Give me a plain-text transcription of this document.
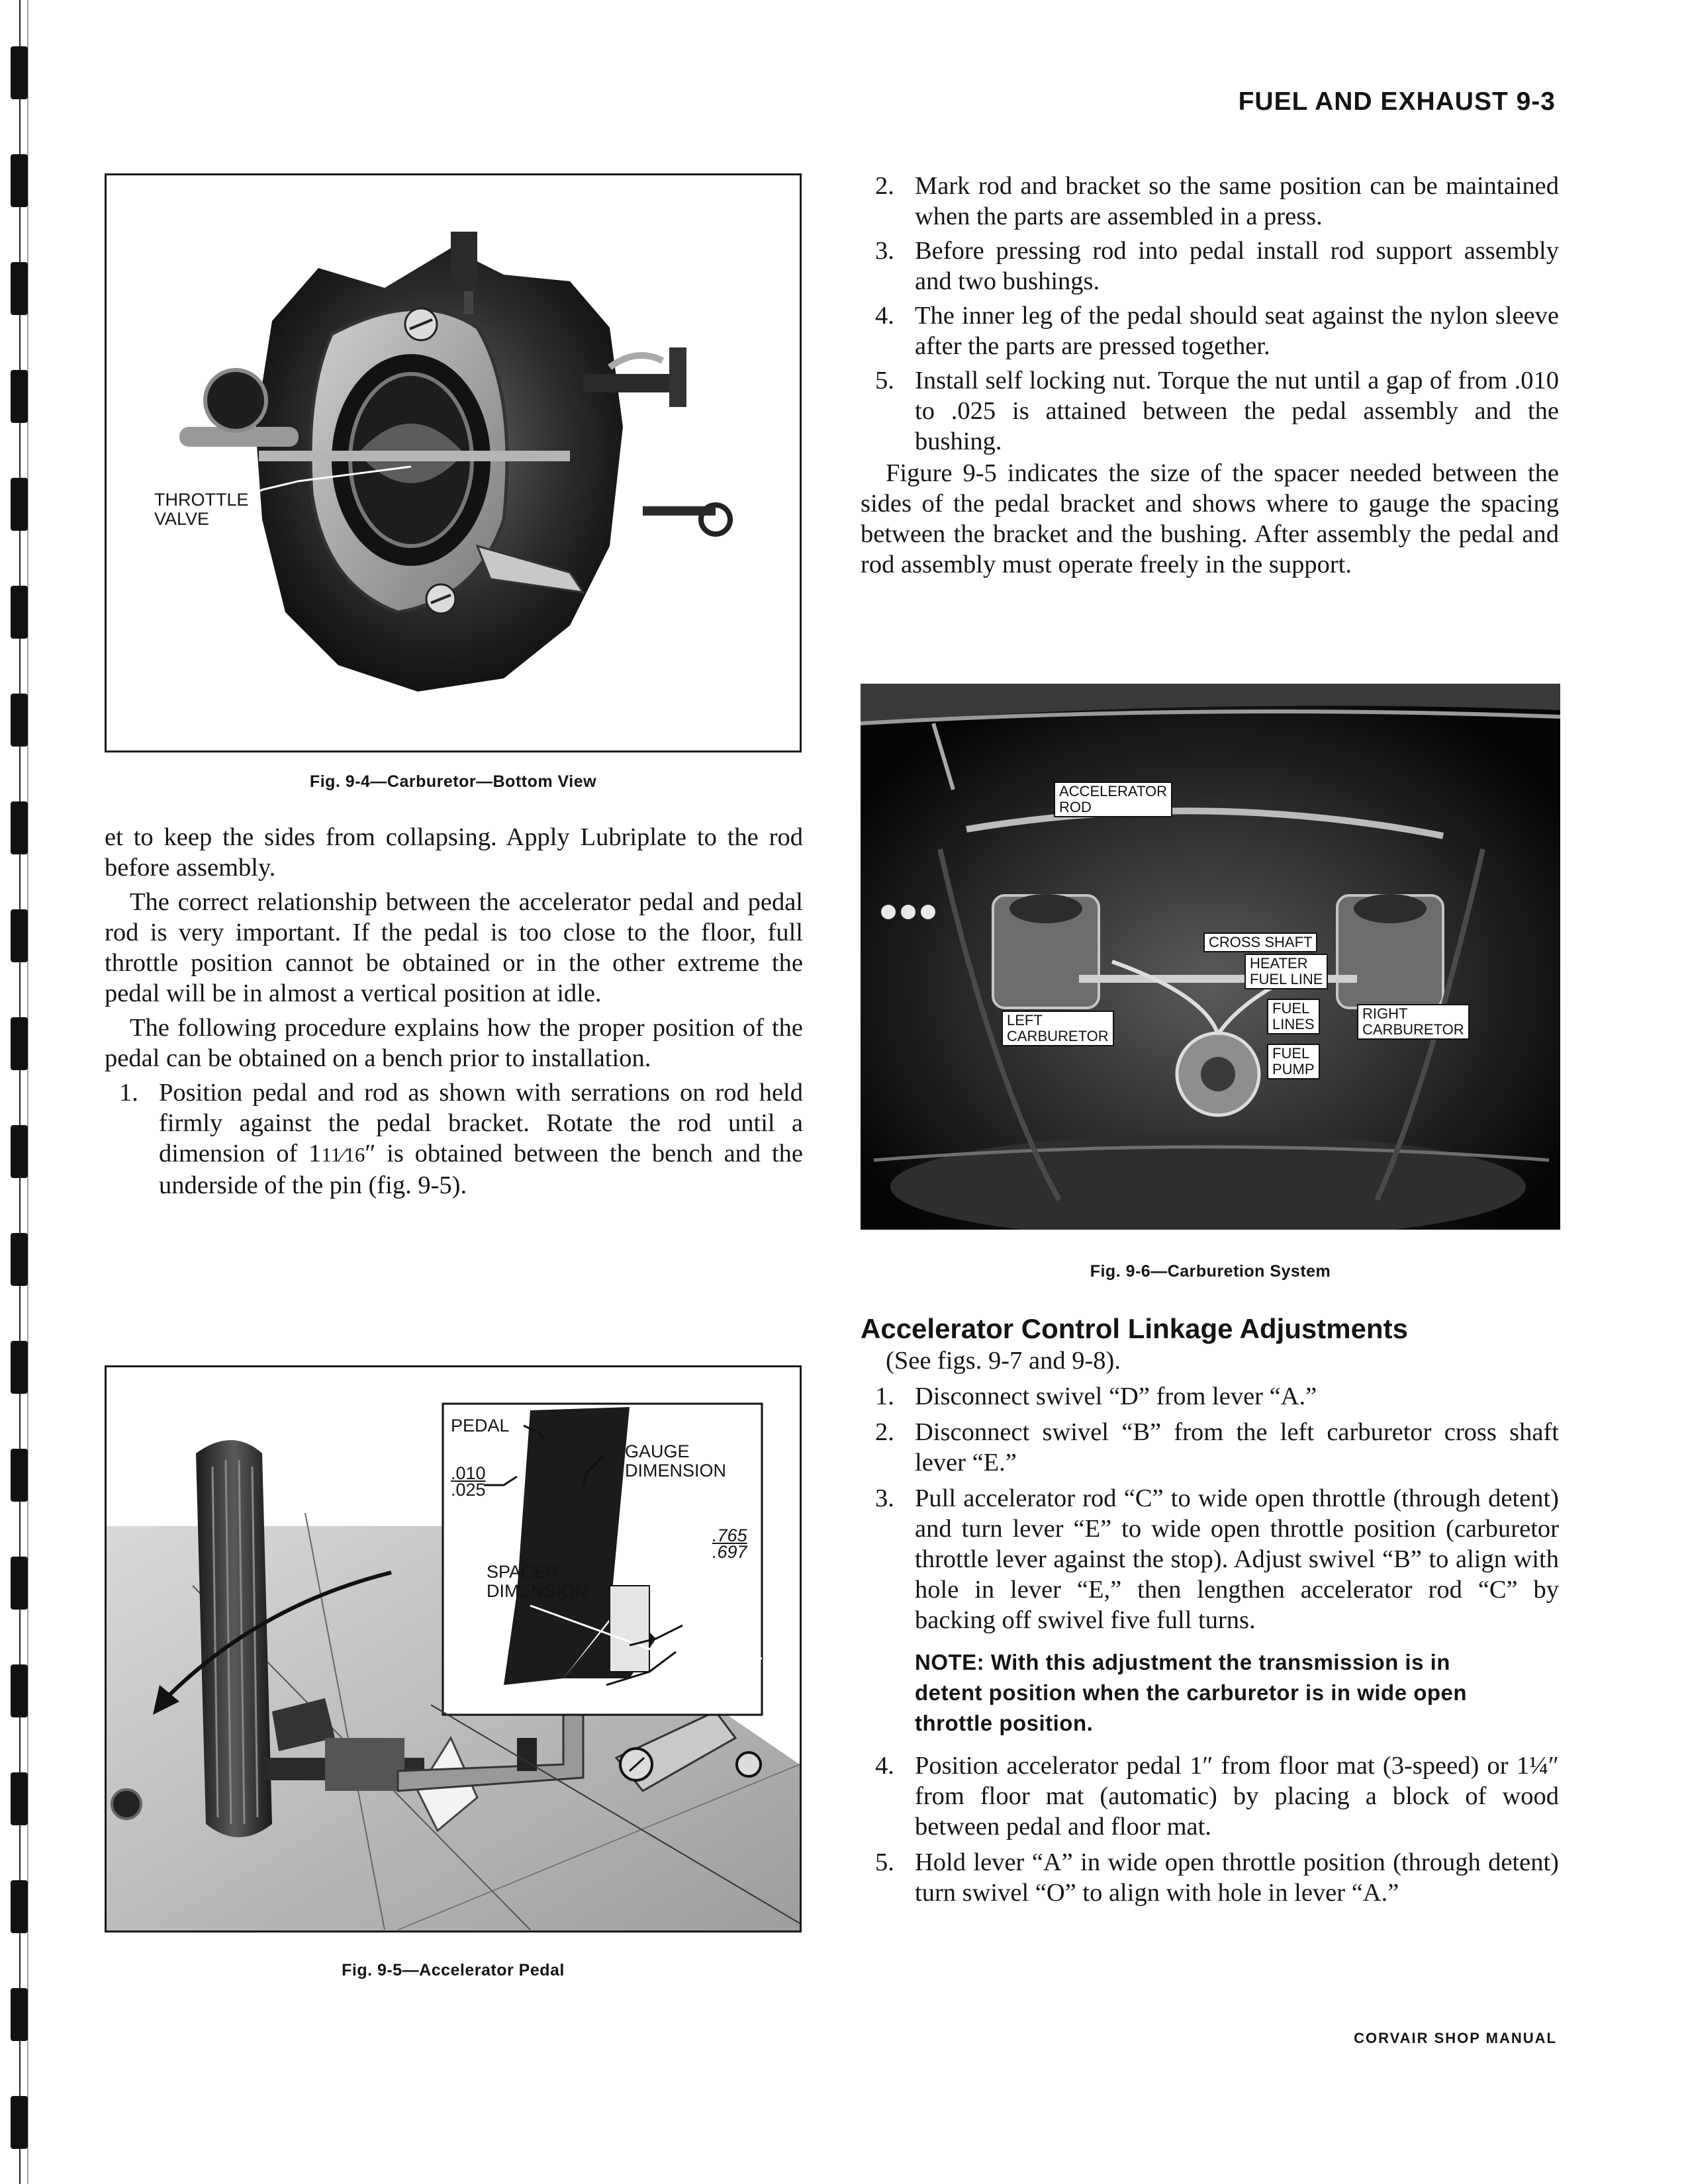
FUEL AND EXHAUST 9-3
THROTTLE
VALVE
Fig. 9-4—Carburetor—Bottom View

et to keep the sides from collapsing. Apply Lubriplate to the rod before assembly.

The correct relationship between the accelerator pedal and pedal rod is very important. If the pedal is too close to the floor, full throttle position cannot be obtained or in the other extreme the pedal will be in almost a vertical position at idle.

The following procedure explains how the proper position of the pedal can be obtained on a bench prior to installation.

1. Position pedal and rod as shown with serrations on rod held firmly against the pedal bracket. Rotate the rod until a dimension of 111⁄16″ is obtained between the bench and the underside of the pin (fig. 9-5).
PEDAL
GAUGE
DIMENSION
.010
.025
.765
.697
SPACER
DIMENSION
Fig. 9-5—Accelerator Pedal
2. Mark rod and bracket so the same position can be maintained when the parts are assembled in a press.
3. Before pressing rod into pedal install rod support assembly and two bushings.
4. The inner leg of the pedal should seat against the nylon sleeve after the parts are pressed together.
5. Install self locking nut. Torque the nut until a gap of from .010 to .025 is attained between the pedal assembly and the bushing.

Figure 9-5 indicates the size of the spacer needed between the sides of the pedal bracket and shows where to gauge the spacing between the bracket and the bushing. After assembly the pedal and rod assembly must operate freely in the support.

ACCELERATOR
ROD
CROSS SHAFT
HEATER
FUEL LINE
FUEL
LINES
LEFT
CARBURETOR
RIGHT
CARBURETOR
FUEL
PUMP
Fig. 9-6—Carburetion System
Accelerator Control Linkage Adjustments
(See figs. 9-7 and 9-8).
1. Disconnect swivel “D” from lever “A.”
2. Disconnect swivel “B” from the left carburetor cross shaft lever “E.”
3. Pull accelerator rod “C” to wide open throttle (through detent) and turn lever “E” to wide open throttle position (carburetor throttle lever against the stop). Adjust swivel “B” to align with hole in lever “E,” then lengthen accelerator rod “C” by backing off swivel five full turns.
NOTE: With this adjustment the transmission is in detent position when the carburetor is in wide open throttle position.
4. Position accelerator pedal 1″ from floor mat (3-speed) or 1¼″ from floor mat (automatic) by placing a block of wood between pedal and floor mat.
5. Hold lever “A” in wide open throttle position (through detent) turn swivel “O” to align with hole in lever “A.”
CORVAIR SHOP MANUAL
